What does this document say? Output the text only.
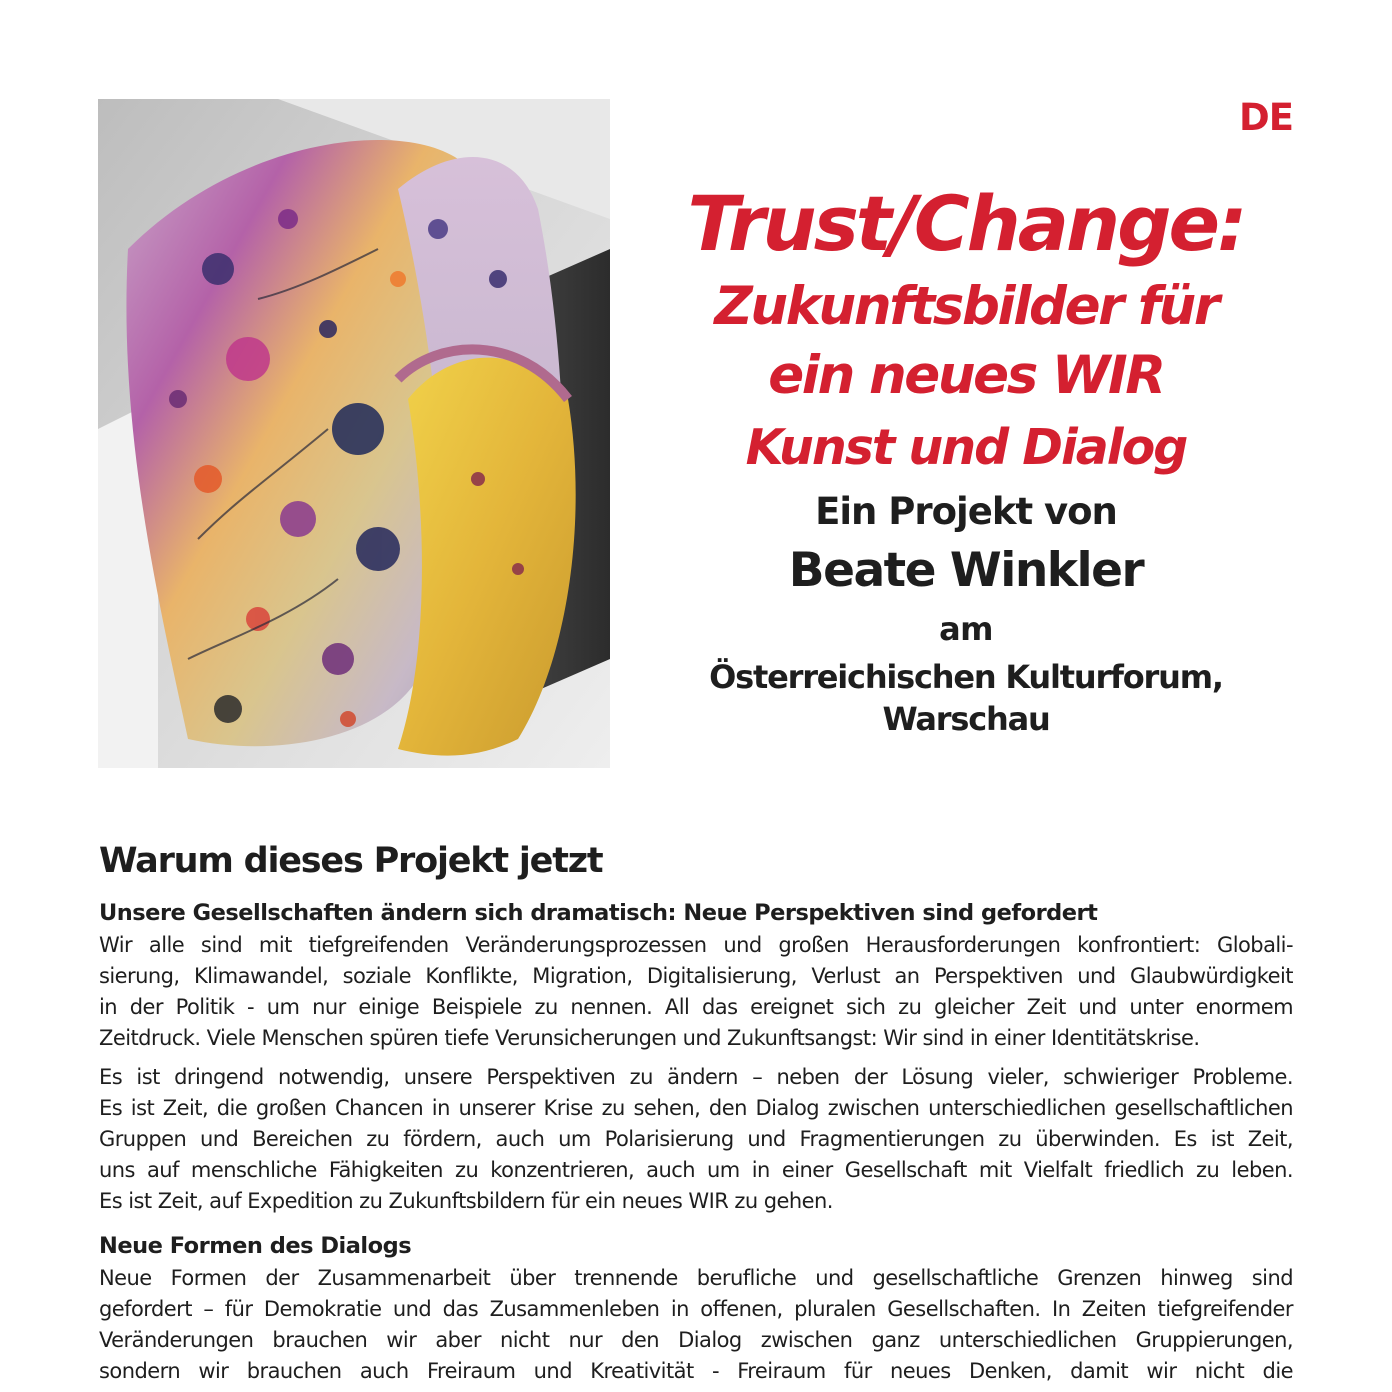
DE
Trust/Change:
Zukunftsbilder für
ein neues WIR
Kunst und Dialog
Ein Projekt von
Beate Winkler
am
Österreichischen Kulturforum,
Warschau
Warum dieses Projekt jetzt
Unsere Gesellschaften ändern sich dramatisch: Neue Perspektiven sind gefordert
Wir alle sind mit tiefgreifenden Veränderungsprozessen und großen Herausforderungen konfrontiert: Globali-
sierung, Klimawandel, soziale Konflikte, Migration, Digitalisierung, Verlust an Perspektiven und Glaubwürdigkeit
in der Politik - um nur einige Beispiele zu nennen. All das ereignet sich zu gleicher Zeit und unter enormem
Zeitdruck. Viele Menschen spüren tiefe Verunsicherungen und Zukunftsangst: Wir sind in einer Identitätskrise.
Es ist dringend notwendig, unsere Perspektiven zu ändern – neben der Lösung vieler, schwieriger Probleme.
Es ist Zeit, die großen Chancen in unserer Krise zu sehen, den Dialog zwischen unterschiedlichen gesellschaftlichen
Gruppen und Bereichen zu fördern, auch um Polarisierung und Fragmentierungen zu überwinden. Es ist Zeit,
uns auf menschliche Fähigkeiten zu konzentrieren, auch um in einer Gesellschaft mit Vielfalt friedlich zu leben.
Es ist Zeit, auf Expedition zu Zukunftsbildern für ein neues WIR zu gehen.
Neue Formen des Dialogs
Neue Formen der Zusammenarbeit über trennende berufliche und gesellschaftliche Grenzen hinweg sind
gefordert – für Demokratie und das Zusammenleben in offenen, pluralen Gesellschaften. In Zeiten tiefgreifender
Veränderungen brauchen wir aber nicht nur den Dialog zwischen ganz unterschiedlichen Gruppierungen,
sondern wir brauchen auch Freiraum und Kreativität - Freiraum für neues Denken, damit wir nicht die
